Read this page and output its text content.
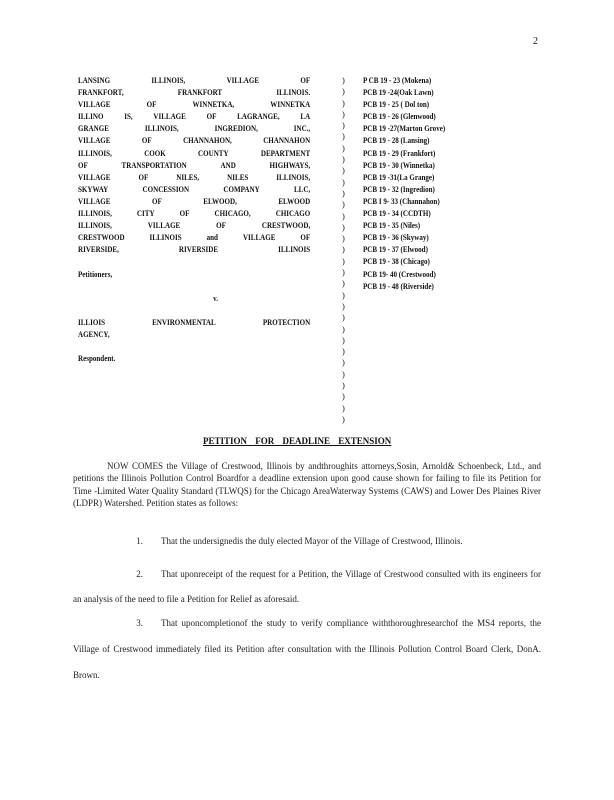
2
LANSING	ILLINOIS,	VILLAGE	OF
FRANKFORT,	FRANKFORT	ILLINOIS.
VILLAGE	OF	WINNETKA,	WINNETKA
ILLINO	IS,	VILLAGE	OF	LAGRANGE,	LA
GRANGE	ILLINOIS,	INGREDION,	INC.,
VILLAGE	OF	CHANNAHON,	CHANNAHON
ILLINOIS,	COOK	COUNTY	DEPARTMENT
OF	TRANSPORTATION	AND	HIGHWAYS,
VILLAGE	OF	NILES,	NILES	ILLINOIS,
SKYWAY	CONCESSION	COMPANY	LLC,
VILLAGE	OF	ELWOOD,	ELWOOD
ILLINOIS,	CITY	OF	CHICAGO,	CHICAGO
ILLINOIS,	VILLAGE	OF	CRESTWOOD,
CRESTWOOD	ILLINOIS	and	VILLAGE	OF
RIVERSIDE,	RIVERSIDE	ILLINOIS
Petitioners,
v.
ILLIOIS	ENVIRONMENTAL	PROTECTION
AGENCY,
Respondent.
)
)
)
)
)
)
)
)
)
)
)
)
)
)
)
)
)
)
)
)
)
)
)
)
)
)
)
)
)
)
)
P CB 19 - 23 (Mokena)
PCB 19 -24(Oak Lawn)
PCB 19 - 25 ( Dol ton)
PCB 19 - 26 (Glenwood)
PCB 19 -27(Marton Grove)
PCB 19 - 28 (Lansing)
PCB 19 - 29 (Frankfort)
PCB 19 - 30 (Winnetka)
PCB 19 -31(La Grange)
PCB 19 - 32 (Ingredion)
PCB I 9- 33 (Channahon)
PCB 19 - 34 (CCDTH)
PCB 19 - 35 (Niles)
PCB 19 - 36 (Skyway)
PCB 19 - 37 (Elwood)
PCB 19 - 38 (Chicago)
PCB 19- 40 (Crestwood)
PCB 19 - 48 (Riverside)
PETITION FOR DEADLINE EXTENSION
NOW COMES the Village of Crestwood, Illinois by andthroughits attorneys,Sosin, Arnold& Schoenbeck, Ltd., and petitions the Illinois Pollution Control Boardfor a deadline extension upon good cause shown for failing to file its Petition for Time -Limited Water Quality Standard (TLWQS) for the Chicago AreaWaterway Systems (CAWS) and Lower Des Plaines River (LDPR) Watershed. Petition states as follows:
1. That the undersignedis the duly elected Mayor of the Village of Crestwood, Illinois.
2. That uponreceipt of the request for a Petition, the Village of Crestwood consulted with its engineers for an analysis of the need to file a Petition for Relief as aforesaid.
3. That uponcompletionof the study to verify compliance withthoroughresearchof the MS4 reports, the Village of Crestwood immediately filed its Petition after consultation with the Illinois Pollution Control Board Clerk, DonA. Brown.
